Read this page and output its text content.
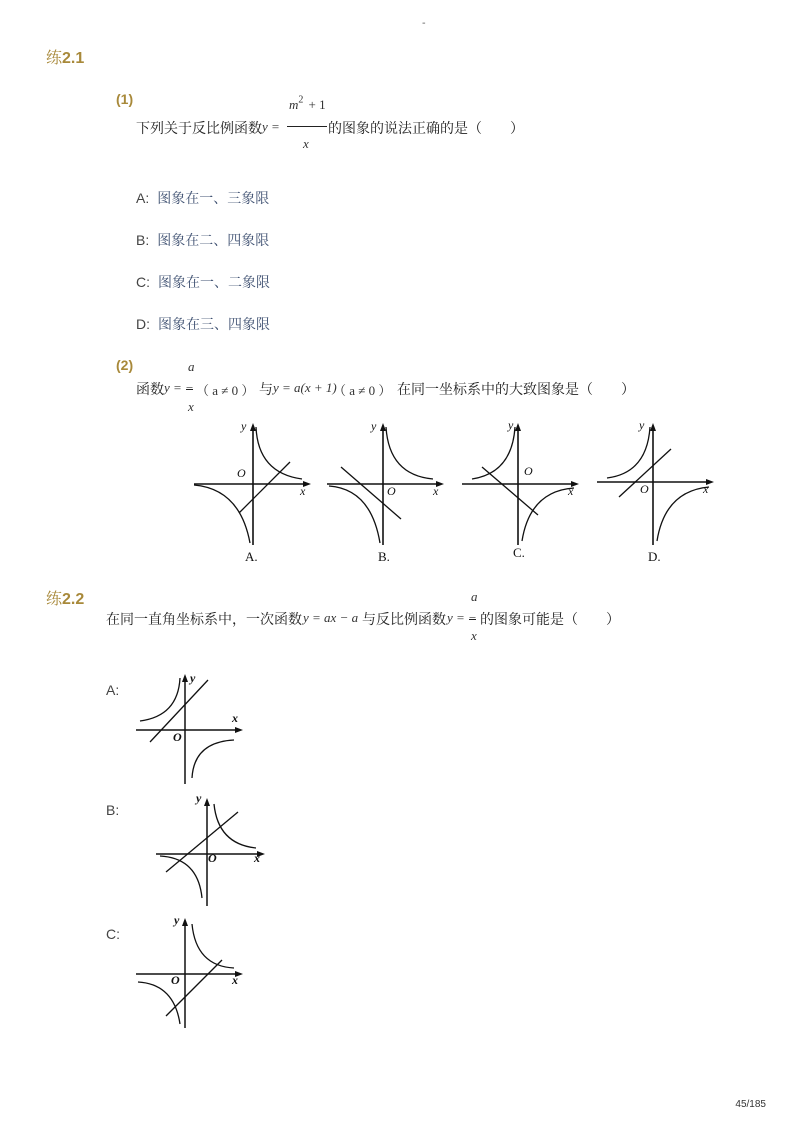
-
练2.1
(1)
下列关于反比例函数 y =
$m^2 + 1$
x
的图象的说法正确的是（　　）
A: 图象在一、三象限
B: 图象在二、四象限
C: 图象在一、二象限
D: 图象在三、四象限
(2)	a
函数 y = −
x
（ a ≠ 0 ） 与 y = a(x + 1)
（ a ≠ 0 ） 在同一坐标系中的大致图象是（　　）
y
x
O
A.
y
x
O
B.
y
x
O
C.
y
x
O
D.
练2.2
在同一直角坐标系中，一次函数 y = ax − a 与反比例函数 y = −
a
x
的图象可能是（　　）
A:
y
x
O
B:
y
x
O
C:
y
x
O
45/185
